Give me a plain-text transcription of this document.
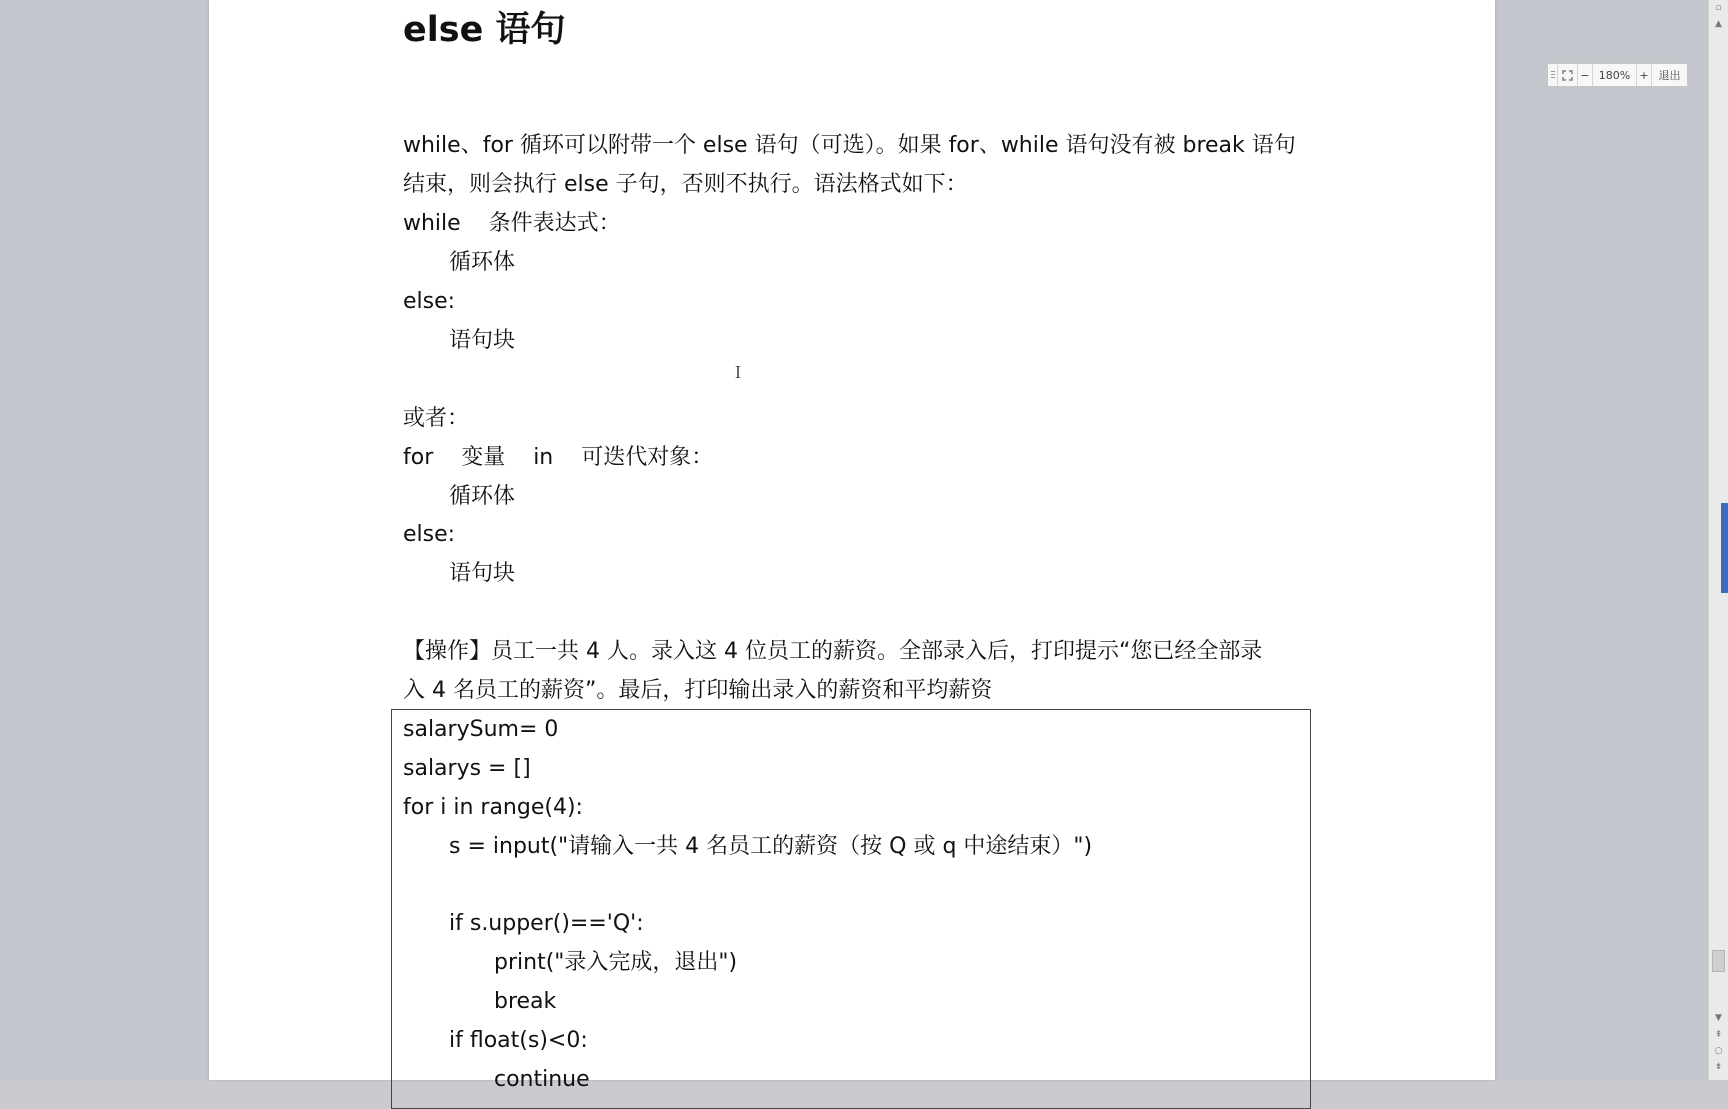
else 语句
while、for 循环可以附带一个 else 语句（可选）。如果 for、while 语句没有被 break 语句
结束，则会执行 else 子句，否则不执行。语法格式如下：
while    条件表达式：
循环体
else:
语句块
或者：
for    变量    in    可迭代对象：
循环体
else:
语句块
【操作】员工一共 4 人。录入这 4 位员工的薪资。全部录入后，打印提示“您已经全部录
入 4 名员工的薪资”。最后，打印输出录入的薪资和平均薪资
salarySum= 0
salarys = []
for i in range(4):
s = input("请输入一共 4 名员工的薪资（按 Q 或 q 中途结束）")
if s.upper()=='Q':
print("录入完成，退出")
break
if float(s)<0:
continue
Ｉ
− 180% + 退出
▫
▲
▼
⇞
○
⇟
